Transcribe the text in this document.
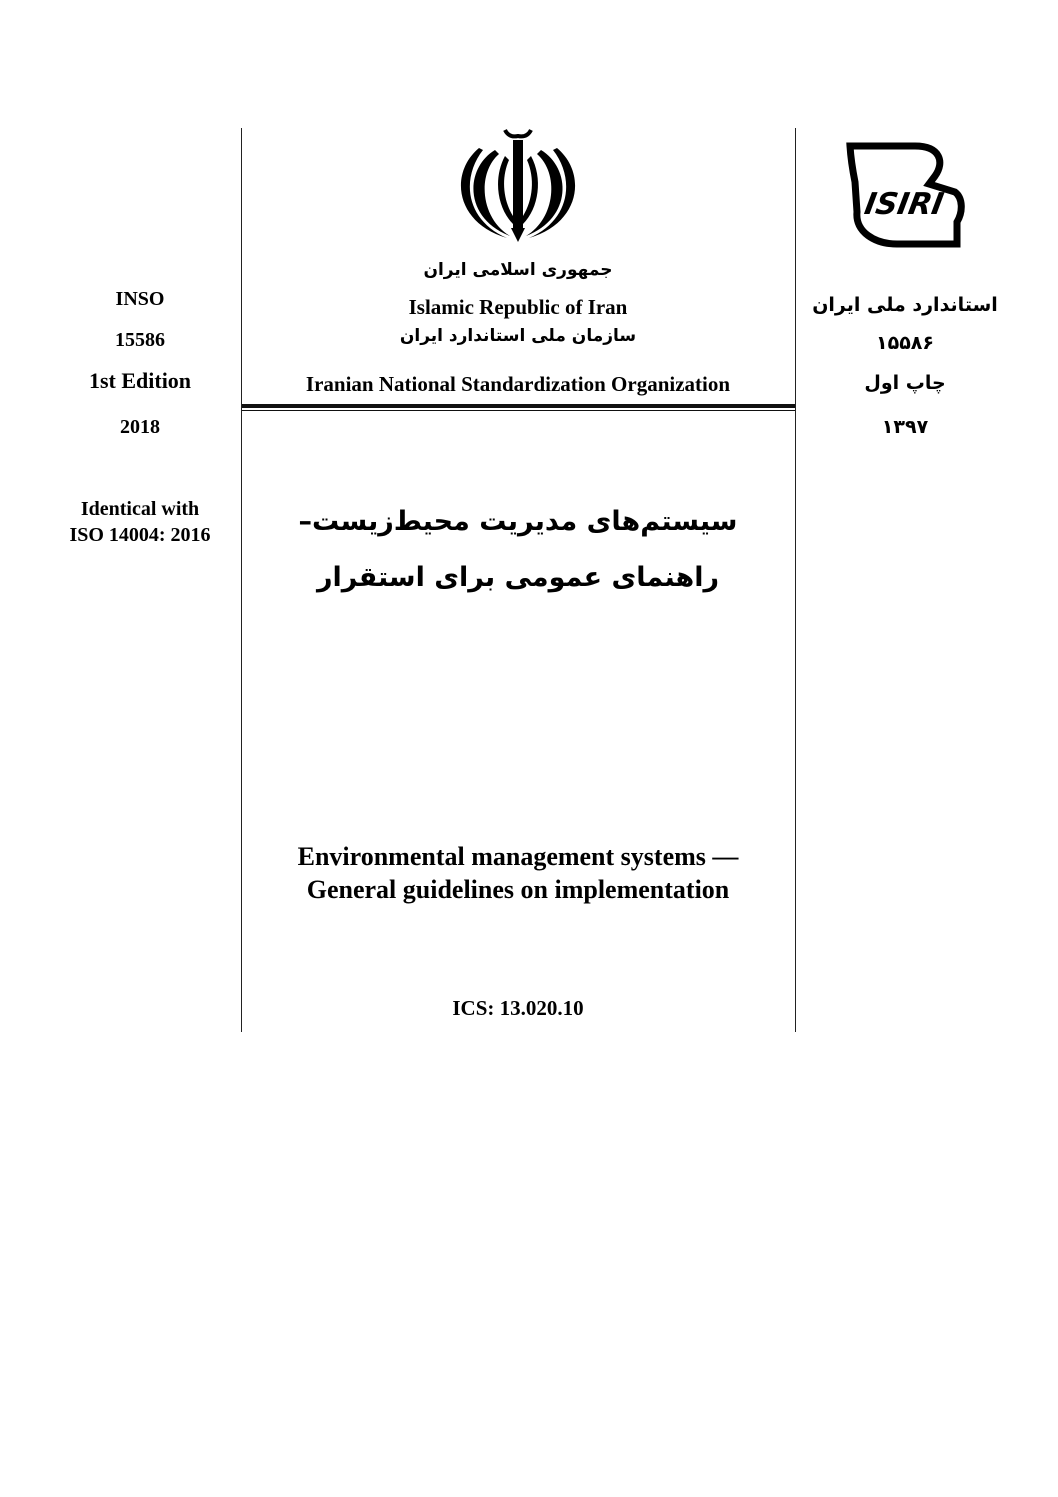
INSO
15586
1st Edition
2018
Identical with
ISO 14004: 2016
جمهوری اسلامی ایران
Islamic Republic of Iran
سازمان ملی استاندارد ایران
Iranian National Standardization Organization
ISIRI
استاندارد ملی ایران
۱۵۵۸۶
چاپ اول
۱۳۹۷
سیستم‌های مدیریت محیط‌زیست–
راهنمای عمومی برای استقرار
Environmental management systems —
General guidelines on implementation
ICS: 13.020.10
